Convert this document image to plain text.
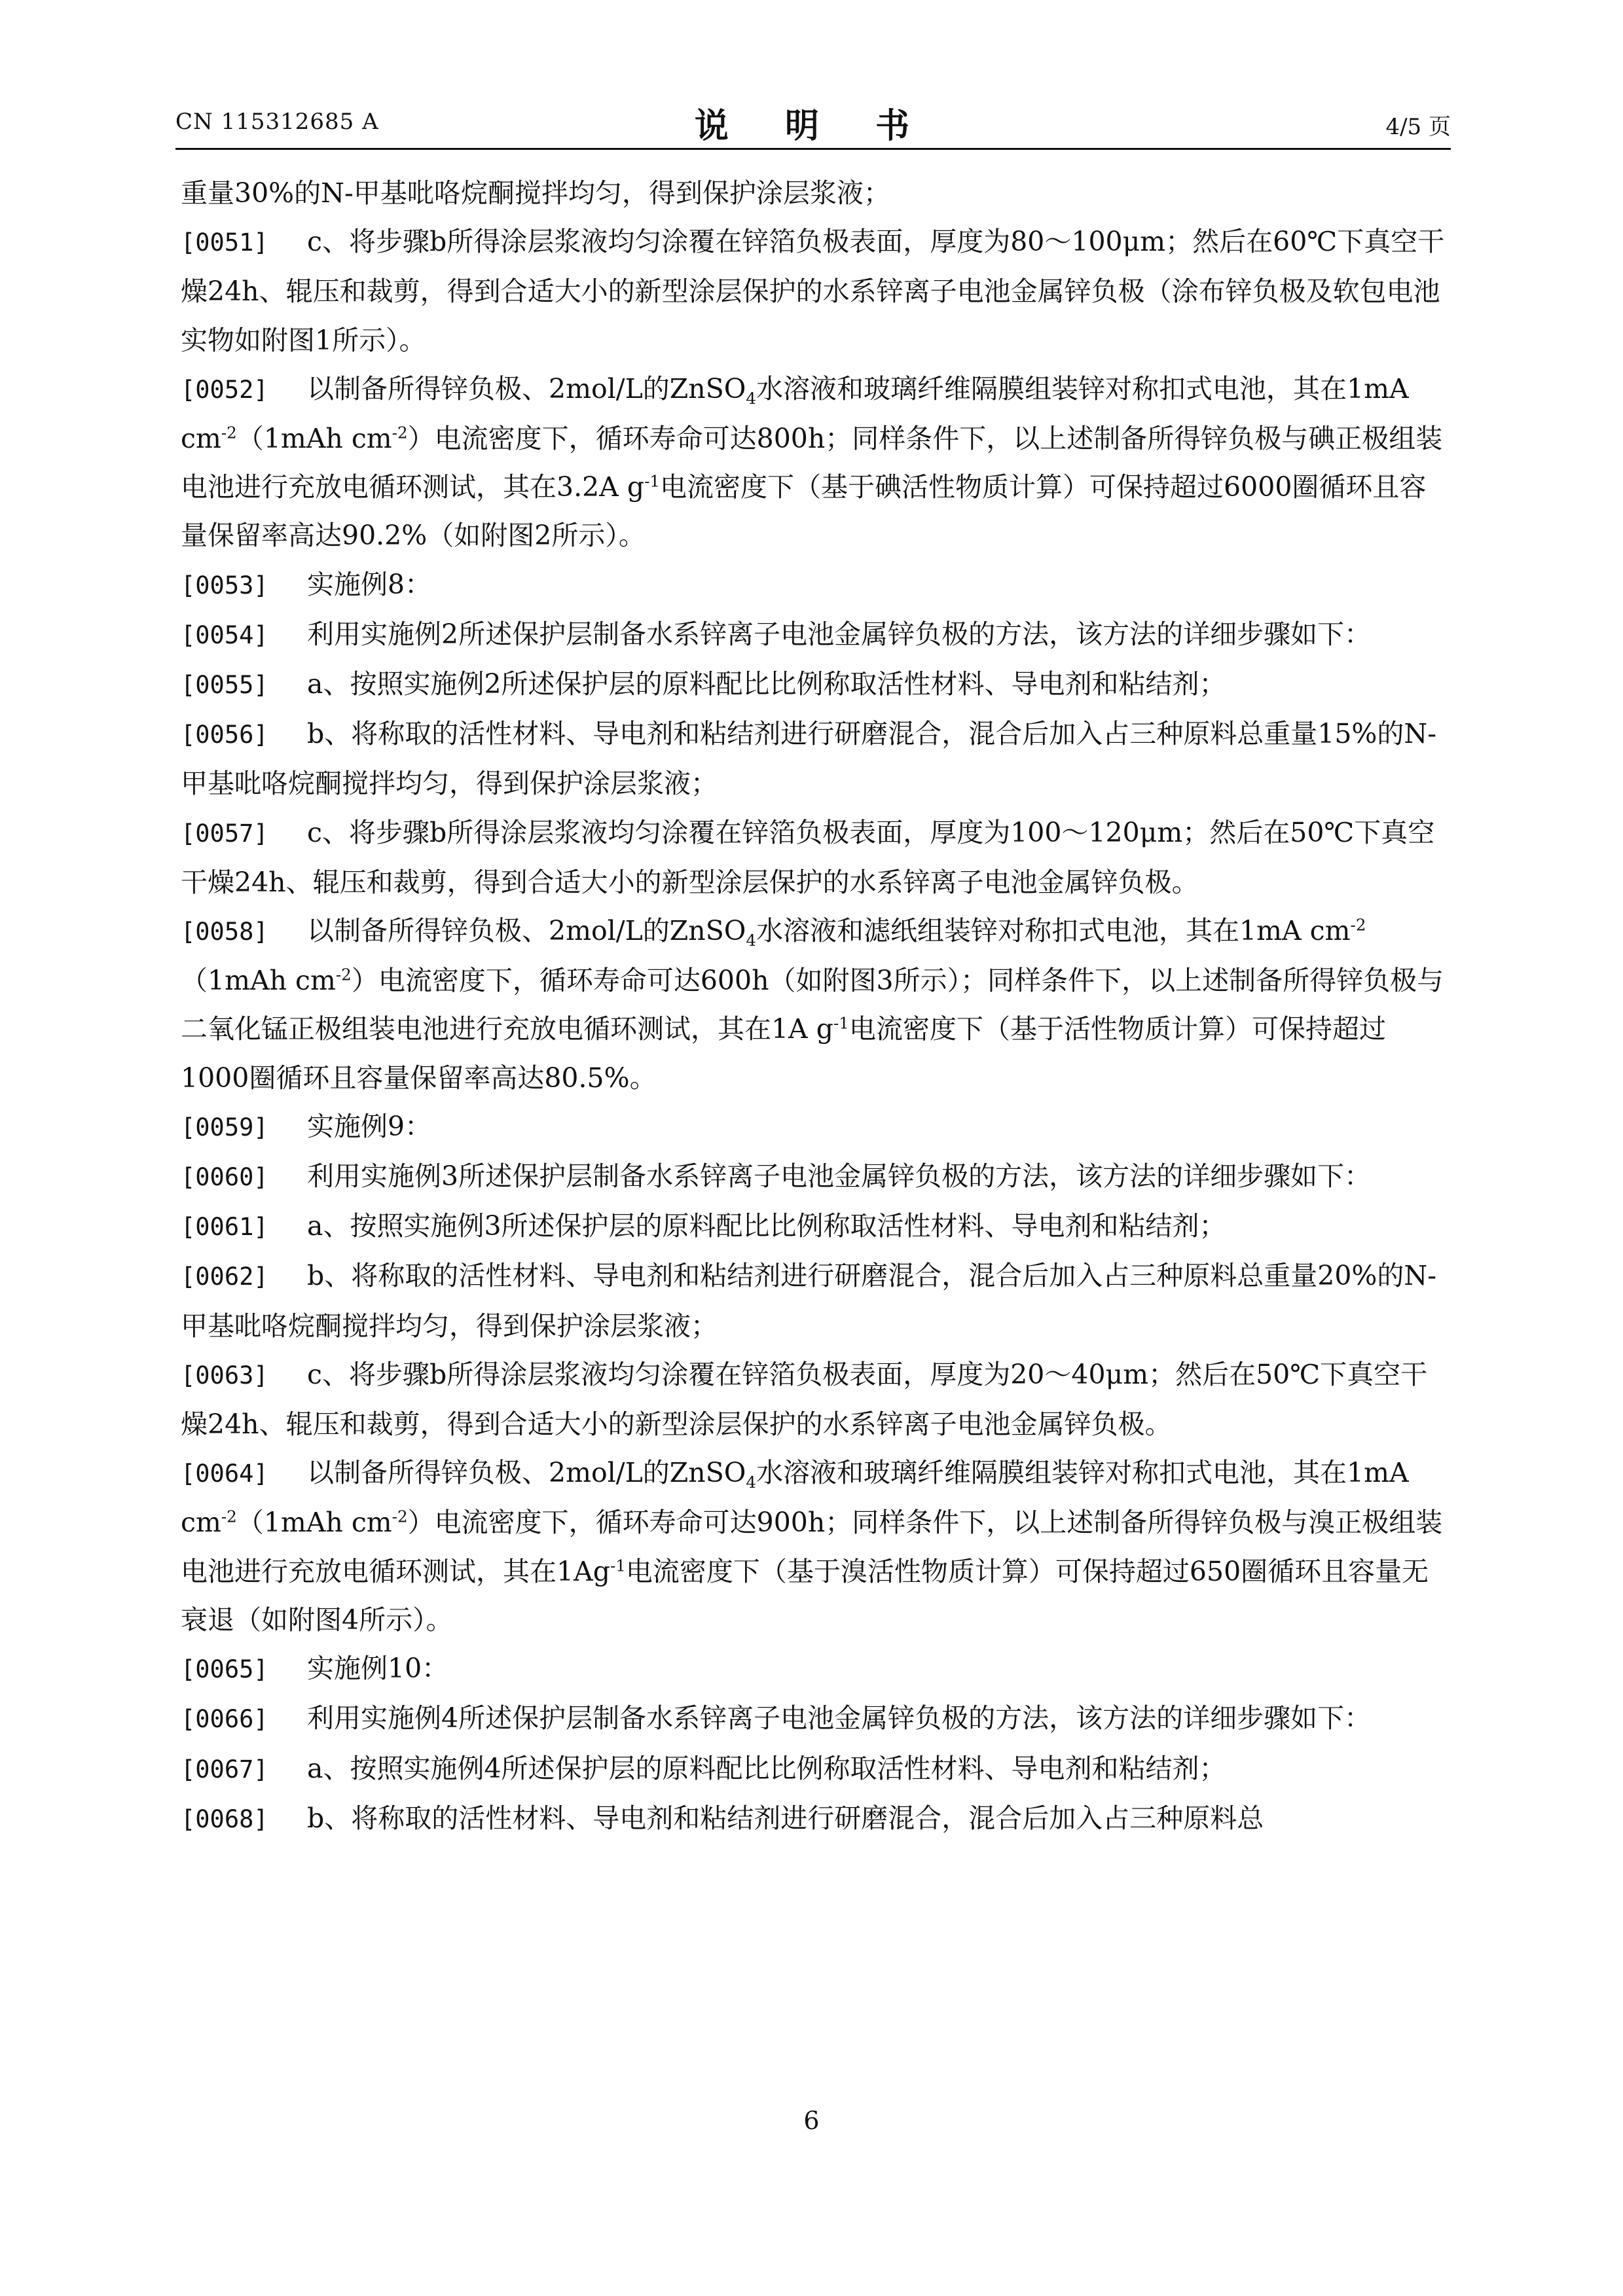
CN 115312685 A	说 明 书	4/5 页
重量30%的N-甲基吡咯烷酮搅拌均匀，得到保护涂层浆液；
[0051] c、将步骤b所得涂层浆液均匀涂覆在锌箔负极表面，厚度为80～100μm；然后在60℃下真空干燥24h、辊压和裁剪，得到合适大小的新型涂层保护的水系锌离子电池金属锌负极（涂布锌负极及软包电池实物如附图1所示）。
[0052] 以制备所得锌负极、2mol/L的ZnSO$_4$水溶液和玻璃纤维隔膜组装锌对称扣式电池，其在1mA $cm^{-2}(1mAh$ $cm^{-2}$）电流密度下，循环寿命可达800h；同样条件下，以上述制备所得锌负极与碘正极组装电池进行充放电循环测试，其在3.2A $g^{-1}$电流密度下（基于碘活性物质计算）可保持超过6000圈循环且容量保留率高达90.2%（如附图2所示）。
[0053] 实施例8：
[0054] 利用实施例2所述保护层制备水系锌离子电池金属锌负极的方法，该方法的详细步骤如下：
[0055] a、按照实施例2所述保护层的原料配比比例称取活性材料、导电剂和粘结剂；
[0056] b、将称取的活性材料、导电剂和粘结剂进行研磨混合，混合后加入占三种原料总重量15%的N-甲基吡咯烷酮搅拌均匀，得到保护涂层浆液；
[0057] c、将步骤b所得涂层浆液均匀涂覆在锌箔负极表面，厚度为100～120μm；然后在50℃下真空干燥24h、辊压和裁剪，得到合适大小的新型涂层保护的水系锌离子电池金属锌负极。
[0058] 以制备所得锌负极、2mol/L的ZnSO$_4$水溶液和滤纸组装锌对称扣式电池，其在1mA $cm^{-2}(1mAh$ $cm^{-2}$）电流密度下，循环寿命可达600h（如附图3所示）；同样条件下，以上述制备所得锌负极与二氧化锰正极组装电池进行充放电循环测试，其在1A $g^{-1}$电流密度下（基于活性物质计算）可保持超过1000圈循环且容量保留率高达80.5%。
[0059] 实施例9：
[0060] 利用实施例3所述保护层制备水系锌离子电池金属锌负极的方法，该方法的详细步骤如下：
[0061] a、按照实施例3所述保护层的原料配比比例称取活性材料、导电剂和粘结剂；
[0062] b、将称取的活性材料、导电剂和粘结剂进行研磨混合，混合后加入占三种原料总重量20%的N-甲基吡咯烷酮搅拌均匀，得到保护涂层浆液；
[0063] c、将步骤b所得涂层浆液均匀涂覆在锌箔负极表面，厚度为20～40μm；然后在50℃下真空干燥24h、辊压和裁剪，得到合适大小的新型涂层保护的水系锌离子电池金属锌负极。
[0064] 以制备所得锌负极、2mol/L的ZnSO$_4$水溶液和玻璃纤维隔膜组装锌对称扣式电池，其在1mA $cm^{-2}(1mAh$ $cm^{-2}$）电流密度下，循环寿命可达900h；同样条件下，以上述制备所得锌负极与溴正极组装电池进行充放电循环测试，其在$1Ag^{-1}$电流密度下（基于溴活性物质计算）可保持超过650圈循环且容量无衰退（如附图4所示）。
[0065] 实施例10：
[0066] 利用实施例4所述保护层制备水系锌离子电池金属锌负极的方法，该方法的详细步骤如下：
[0067] a、按照实施例4所述保护层的原料配比比例称取活性材料、导电剂和粘结剂；
[0068] b、将称取的活性材料、导电剂和粘结剂进行研磨混合，混合后加入占三种原料总
6
